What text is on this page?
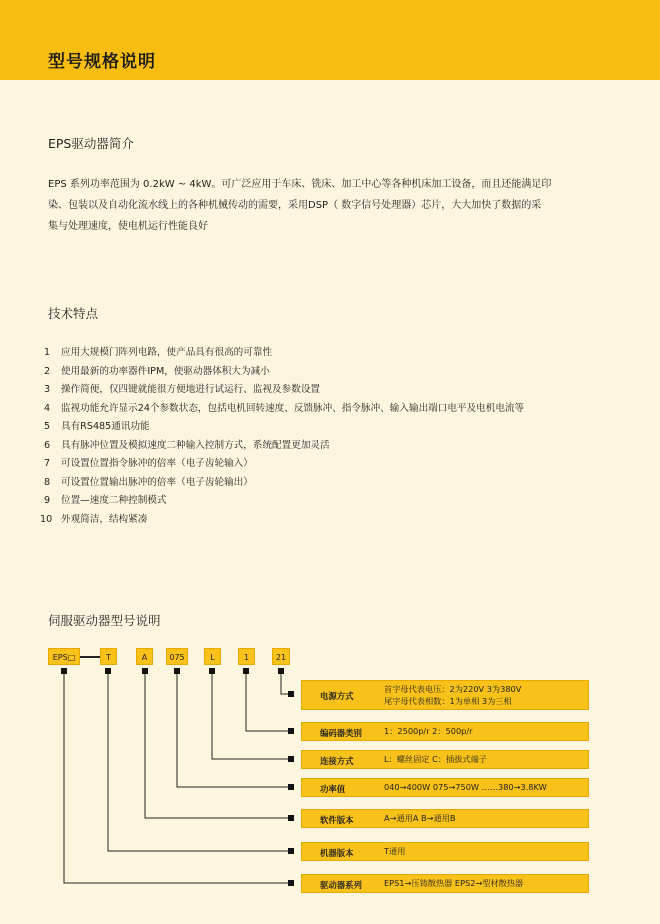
型号规格说明
EPS驱动器简介
EPS 系列功率范围为 0.2kW ~ 4kW。可广泛应用于车床、铣床、加工中心等各种机床加工设备，而且还能满足印
染、包装以及自动化流水线上的各种机械传动的需要，采用DSP（ 数字信号处理器）芯片，大大加快了数据的采
集与处理速度，使电机运行性能良好
技术特点
1	应用大规模门阵列电路，使产品具有很高的可靠性
2	使用最新的功率器件IPM，使驱动器体积大为减小
3	操作简便，仅四键就能很方便地进行试运行、监视及参数设置
4	监视功能允许显示24个参数状态，包括电机回转速度、反馈脉冲、指令脉冲、输入输出端口电平及电机电流等
5	具有RS485通讯功能
6	具有脉冲位置及模拟速度二种输入控制方式，系统配置更加灵活
7	可设置位置指令脉冲的倍率（电子齿轮输入）
8	可设置位置输出脉冲的倍率（电子齿轮输出）
9	位置—速度二种控制模式
10 外观简洁，结构紧凑
伺服驱动器型号说明
EPS□	T	A	075	L	1	21
电源方式
首字母代表电压：2为220V 3为380V
尾字母代表相数：1为单相 3为三相
编码器类别	1：2500p/r 2：500p/r
连接方式	L：螺丝固定 C：插拔式端子
功率值	040→400W 075→750W ……380→3.8KW
软件版本	A→通用A B→通用B
机器版本	T通用
驱动器系列	EPS1→压铸散热器 EPS2→型材散热器
